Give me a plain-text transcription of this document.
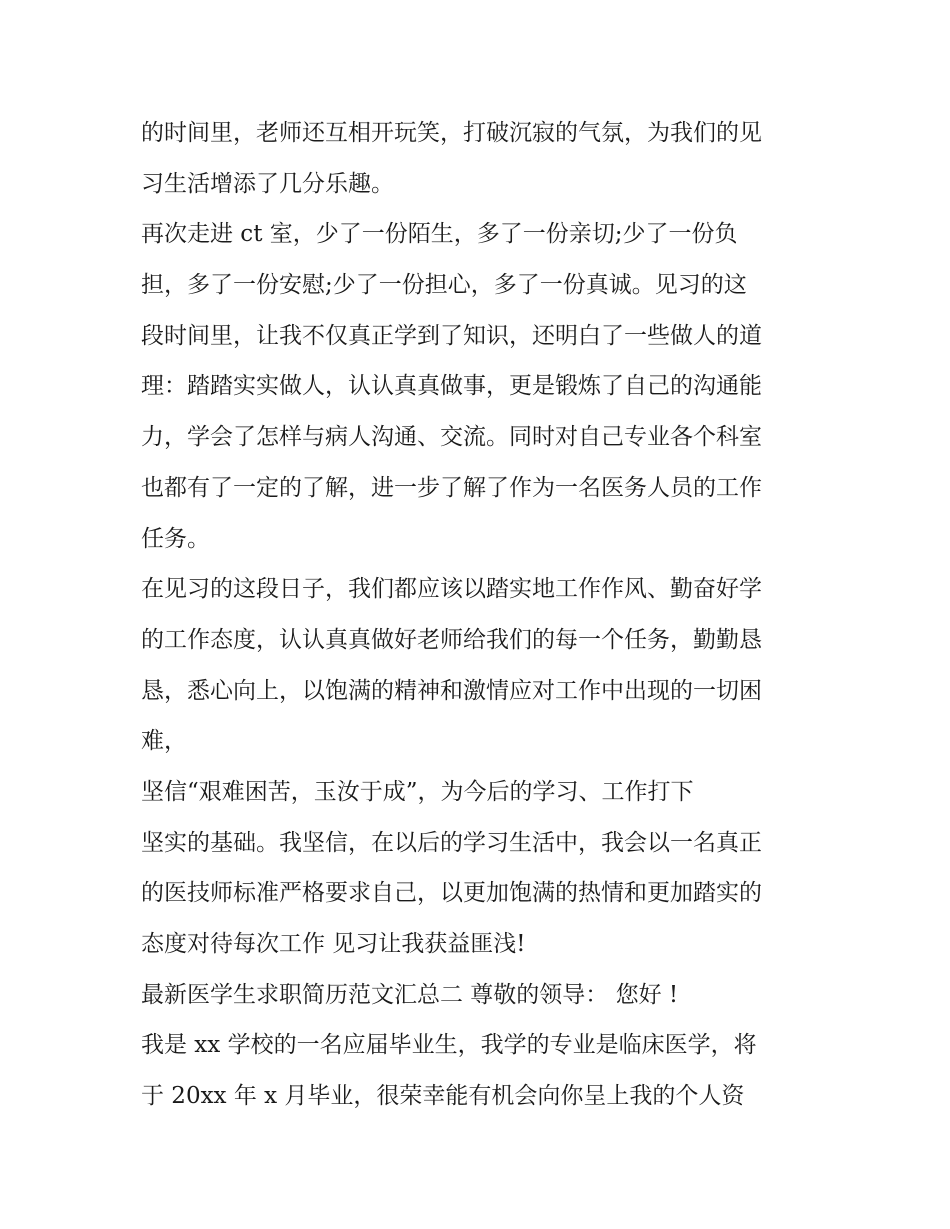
的时间里，老师还互相开玩笑，打破沉寂的气氛，为我们的见
习生活增添了几分乐趣。
再次走进 ct 室，少了一份陌生，多了一份亲切;少了一份负
担，多了一份安慰;少了一份担心，多了一份真诚。见习的这
段时间里，让我不仅真正学到了知识，还明白了一些做人的道
理：踏踏实实做人，认认真真做事，更是锻炼了自己的沟通能
力，学会了怎样与病人沟通、交流。同时对自己专业各个科室
也都有了一定的了解，进一步了解了作为一名医务人员的工作
任务。
在见习的这段日子，我们都应该以踏实地工作作风、勤奋好学
的工作态度，认认真真做好老师给我们的每一个任务，勤勤恳
恳，悉心向上，以饱满的精神和激情应对工作中出现的一切困
难，
坚信“艰难困苦，玉汝于成”，为今后的学习、工作打下
坚实的基础。我坚信，在以后的学习生活中，我会以一名真正
的医技师标准严格要求自己，以更加饱满的热情和更加踏实的
态度对待每次工作 见习让我获益匪浅!
最新医学生求职简历范文汇总二 尊敬的领导： 您好 !
我是 xx 学校的一名应届毕业生，我学的专业是临床医学，将
于 20xx 年 x 月毕业，很荣幸能有机会向你呈上我的个人资
